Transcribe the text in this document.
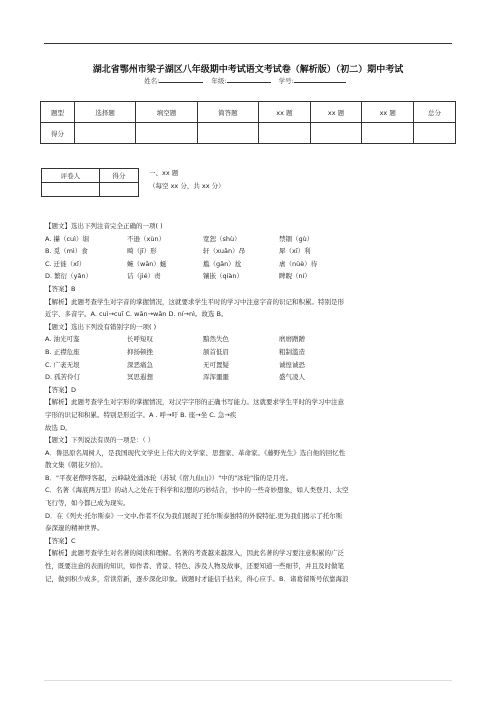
湖北省鄂州市梁子湖区八年级期中考试语文考试卷（解析版）（初二）期中考试
姓名:	年级:	学号:
题型	选择题	填空题	简答题	xx 题	xx 题	xx 题	总分
得分							
评卷人	得分
		一、xx 题
（每空 xx 分，共 xx 分）
【题文】选出下列注音完全正确的一项( )
A. 攥（cuì）堀	不逊（xùn）	宽恕（shù）	禁锢（gù）
B. 觅（mì）食	畸（jī）形	轩（xuān）昂	犀（xī）利
C. 迁徙（xǐ）	蜿（wān）蜒	尴（gān）尬	虐（nüè）待
D. 繁衍（yǎn）	诘（jié）责	镶嵌（qiàn）	睥睨（ní）
【答案】B
【解析】此题考查学生对字音的掌握情况，这就要求学生平时的学习中注意字音的识记和积累。特别是形
近字、多音字。A. cuì→cuī C. wān→wān D. ní→nì。故选 B。
【题文】选出下列没有错别字的一项( )
A. 油光可鉴	长呼短叹	黯然失色	磨磨蹭蹭
B. 正襟危座	抑扬顿挫	颔首低眉	粗制滥造
C. 广袤无垠	深恶痛急	无可置疑	诚惶诚恐
D. 孤苦伶仃	冥思遐想	浑浑噩噩	盛气凌人
【答案】D
【解析】此题考查学生对字形的掌握情况，对汉字字形的正确书写能力。这就要求学生平时的学习中注意
字形的识记和积累。特别是形近字。A . 呼→吁 B. 座→坐 C. 急→疾
故选 D。
【题文】下列说法有误的一项是：（ ）
A．鲁迅原名周树人，是我国现代文学史上伟大的文学家、思想家、革命家。《藤野先生》选自他的回忆性
散文集《朝花夕拾》。
B．"平夜老僧呼客起，云峰缺处涌冰轮（苏轼《宿九仙山》）"中的"冰轮"指的是月亮。
C．名著《海底两万里》的动人之处在于科学和幻想的巧妙结合，书中的一些奇妙想象，如人类登月、太空
飞行等，如今都已成为现实。
D．在《列夫·托尔斯泰》一文中,作者不仅为我们展现了托尔斯泰独特的外貌特征,更为我们揭示了托尔斯
泰深邃的精神世界。
【答案】C
【解析】此题考查学生对名著的阅读和理解。名著的考查越来越深入，因此名著的学习要注意积累的广泛
性，既要注意的表面的知识，如作者、背景、特色、涉及人物及故事，还要知道一些细节，并且及时做笔
记，做到积少成多，常读常新，逐步深化印象。做题时才能信手拈来，得心应手。B．诸葛留斯号依靠海浪
